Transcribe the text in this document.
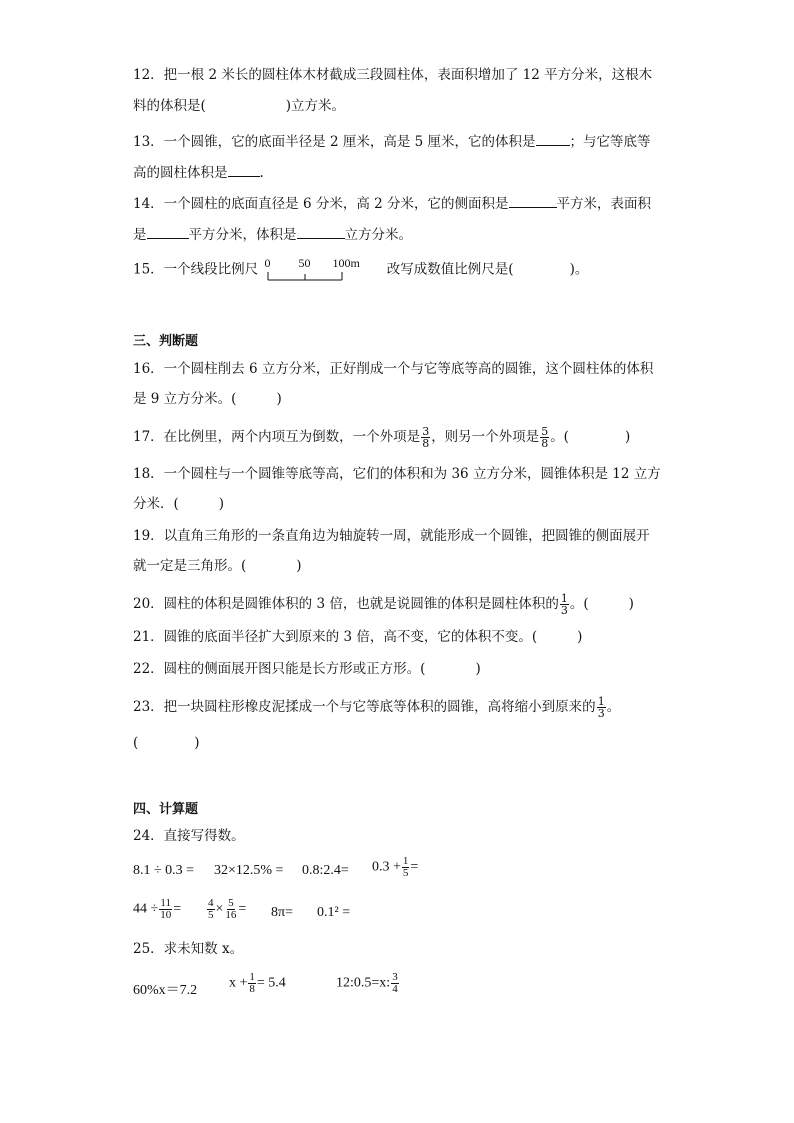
12．把一根 2 米长的圆柱体木材截成三段圆柱体，表面积增加了 12 平方分米，这根木
料的体积是(	)立方米。
13．一个圆锥，它的底面半径是 2 厘米，高是 5 厘米，它的体积是	；与它等底等
高的圆柱体积是 .
14．一个圆柱的底面直径是 6 分米，高 2 分米，它的侧面积是	平方米，表面积
是	平方分米，体积是	立方分米。
15．一个线段比例尺 0 50 100m 改写成数值比例尺是(	)。
三、判断题
16．一个圆柱削去 6 立方分米，正好削成一个与它等底等高的圆锥，这个圆柱体的体积
是 9 立方分米。(	)
17．在比例里，两个内项互为倒数，一个外项是 $\frac{3}{8}$ ，则另一个外项是 $\frac{5}{8}$ 。(	)
18．一个圆柱与一个圆锥等底等高，它们的体积和为 36 立方分米，圆锥体积是 12 立方
分米．(	)
19．以直角三角形的一条直角边为轴旋转一周，就能形成一个圆锥，把圆锥的侧面展开
就一定是三角形。(	)
20．圆柱的体积是圆锥体积的 3 倍，也就是说圆锥的体积是圆柱体积的 $\frac{1}{3}$ 。(	)
21．圆锥的底面半径扩大到原来的 3 倍，高不变，它的体积不变。(	)
22．圆柱的侧面展开图只能是长方形或正方形。(	)
23．把一块圆柱形橡皮泥揉成一个与它等底等体积的圆锥，高将缩小到原来的 $\frac{1}{3}$ 。
(	)
四、计算题
24．直接写得数。
8.1 ÷ 0.3 = 32×12.5% = 0.8:2.4= $0.3 + \frac{1}{5}$ =
$44 \div \frac{11}{10} = \frac{4}{5} \times \frac{5}{16} = 8\pi= 0.1^2$ =
25．求未知数 x。
60%x＝7.2 $x + \frac{1}{8} = 5.4$	12:0.5=x: $\frac{3}{4}$
